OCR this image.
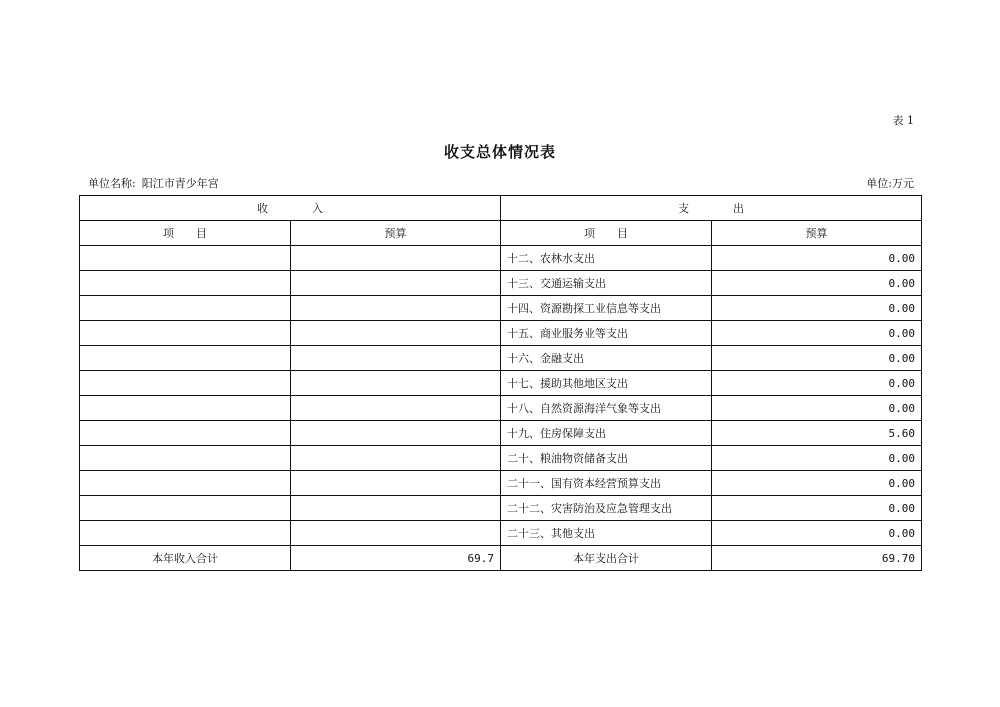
表 1
收支总体情况表
单位名称: 阳江市青少年宫	单位:万元
收　　　　入		支　　　　出	
项　　目	预算	项　　目	预算
		十二、农林水支出	0.00
		十三、交通运输支出	0.00
		十四、资源勘探工业信息等支出	0.00
		十五、商业服务业等支出	0.00
		十六、金融支出	0.00
		十七、援助其他地区支出	0.00
		十八、自然资源海洋气象等支出	0.00
		十九、住房保障支出	5.60
		二十、粮油物资储备支出	0.00
		二十一、国有资本经营预算支出	0.00
		二十二、灾害防治及应急管理支出	0.00
		二十三、其他支出	0.00
本年收入合计	69.7	本年支出合计	69.70
